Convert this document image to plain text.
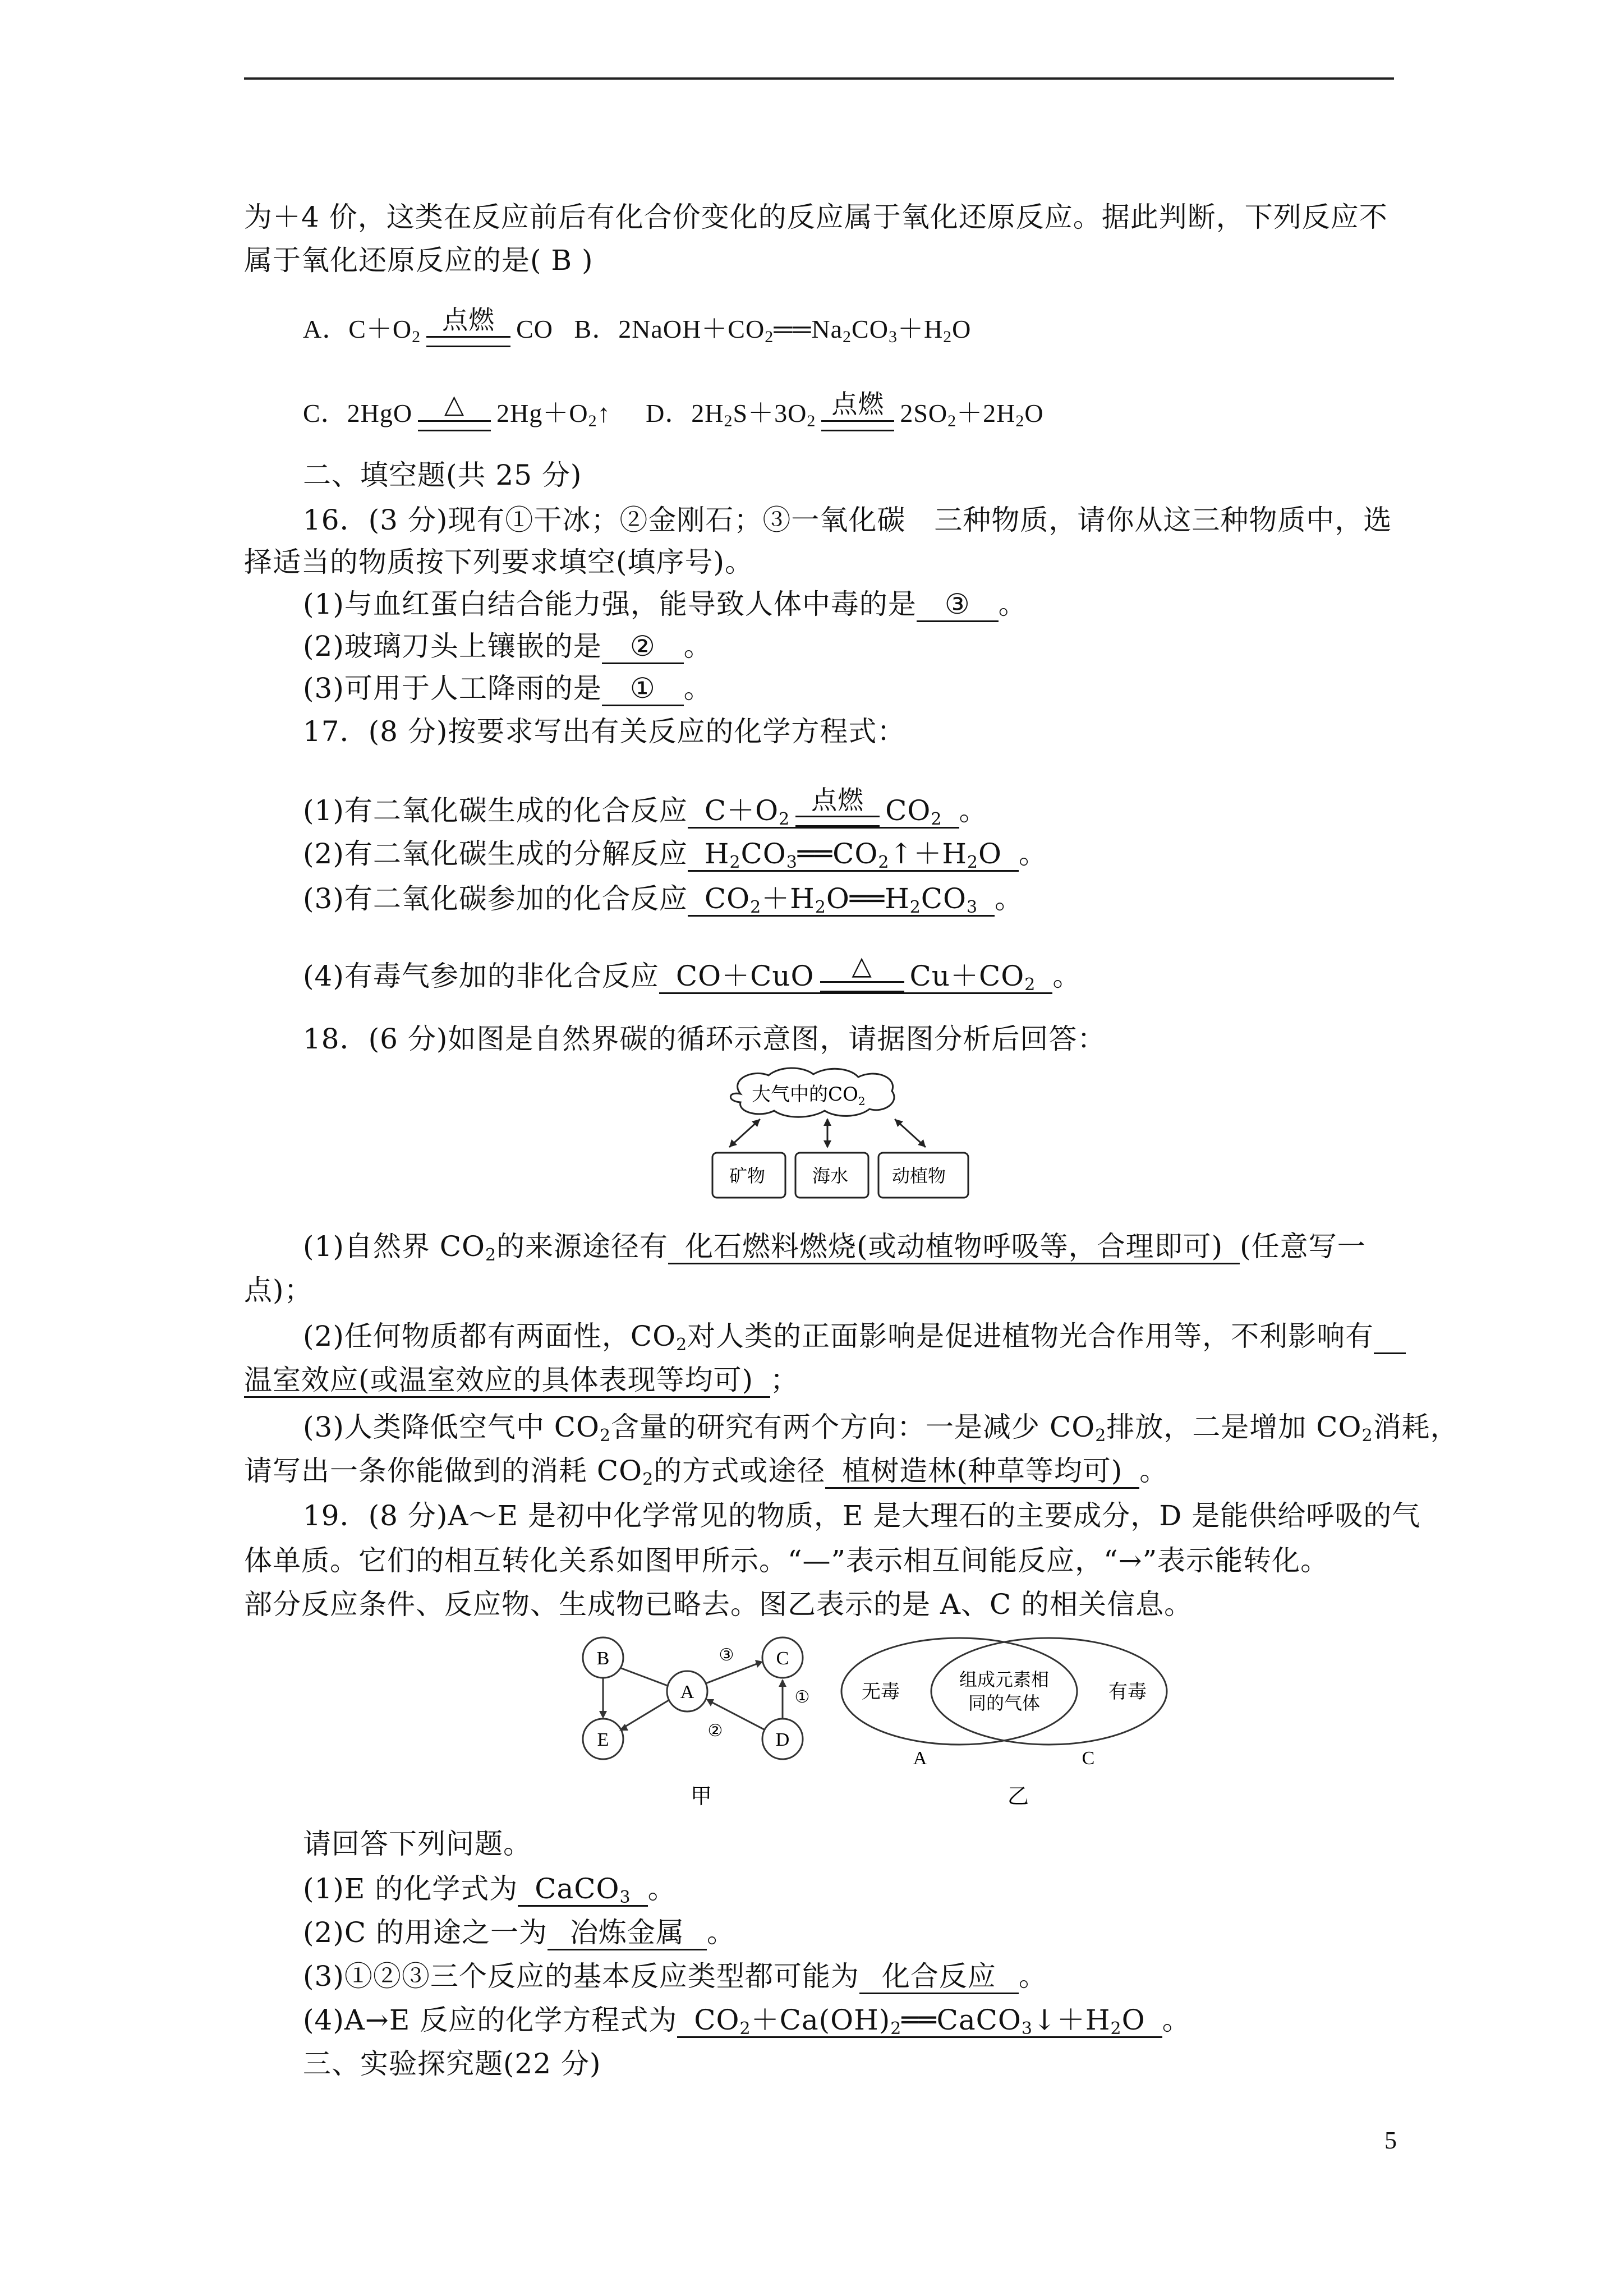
为＋4 价，这类在反应前后有化合价变化的反应属于氧化还原反应。据此判断，下列反应不
属于氧化还原反应的是( B )
A．$C+O_2$
点燃 CO B．$2NaOH+CO_2══Na_2CO_3+H_2O$
C．2HgO	△	$2Hg+O_2↑$ D．$2H_2S+3O_2$
点燃 $2SO_2+2H_2O$
二、填空题(共 25 分)
16．(3 分)现有①干冰；②金刚石；③一氧化碳　三种物质，请你从这三种物质中，选
择适当的物质按下列要求填空(填序号)。
(1)与血红蛋白结合能力强，能导致人体中毒的是 ③ 。
(2)玻璃刀头上镶嵌的是 ② 。
(3)可用于人工降雨的是 ① 。
17．(8 分)按要求写出有关反应的化学方程式：
(1)有二氧化碳生成的化合反应 $C+O_2$
点燃 $CO_2$ 。
(2)有二氧化碳生成的分解反应 $H_2CO_3══CO_2↑+H_2O$ 。
(3)有二氧化碳参加的化合反应 $CO_2+H_2O══H_2CO_3$ 。
(4)有毒气参加的非化合反应 CO＋CuO	△	$Cu+CO_2$ 。
18．(6 分)如图是自然界碳的循环示意图，请据图分析后回答：
大气中的$CO_2$
矿物	海水 动植物
(1)自然界 $CO_2$的来源途径有 化石燃料燃烧(或动植物呼吸等，合理即可) (任意写一
点)；
(2)任何物质都有两面性，$CO_2$对人类的正面影响是促进植物光合作用等，不利影响有
温室效应(或温室效应的具体表现等均可) ；
(3)人类降低空气中 $CO_2$含量的研究有两个方向：一是减少 $CO_2$排放，二是增加 $CO_2$消耗，
请写出一条你能做到的消耗 $CO_2$的方式或途径 植树造林(种草等均可) 。
19．(8 分)A～E 是初中化学常见的物质，E 是大理石的主要成分，D 是能供给呼吸的气
体单质。它们的相互转化关系如图甲所示。“—”表示相互间能反应，“→”表示能转化。
部分反应条件、反应物、生成物已略去。图乙表示的是 A、C 的相关信息。
B
A
C
E	D
③
①
②
甲
无毒
组成元素相
同的气体	有毒
A	C
乙
请回答下列问题。
(1)E 的化学式为 CaCO$_3$ 。
(2)C 的用途之一为 冶炼金属 。
(3)①②③三个反应的基本反应类型都可能为 化合反应 。
(4)A→E 反应的化学方程式为 $CO_2+Ca(OH)_2══CaCO_3↓+H_2O$ 。
三、实验探究题(22 分)
5
